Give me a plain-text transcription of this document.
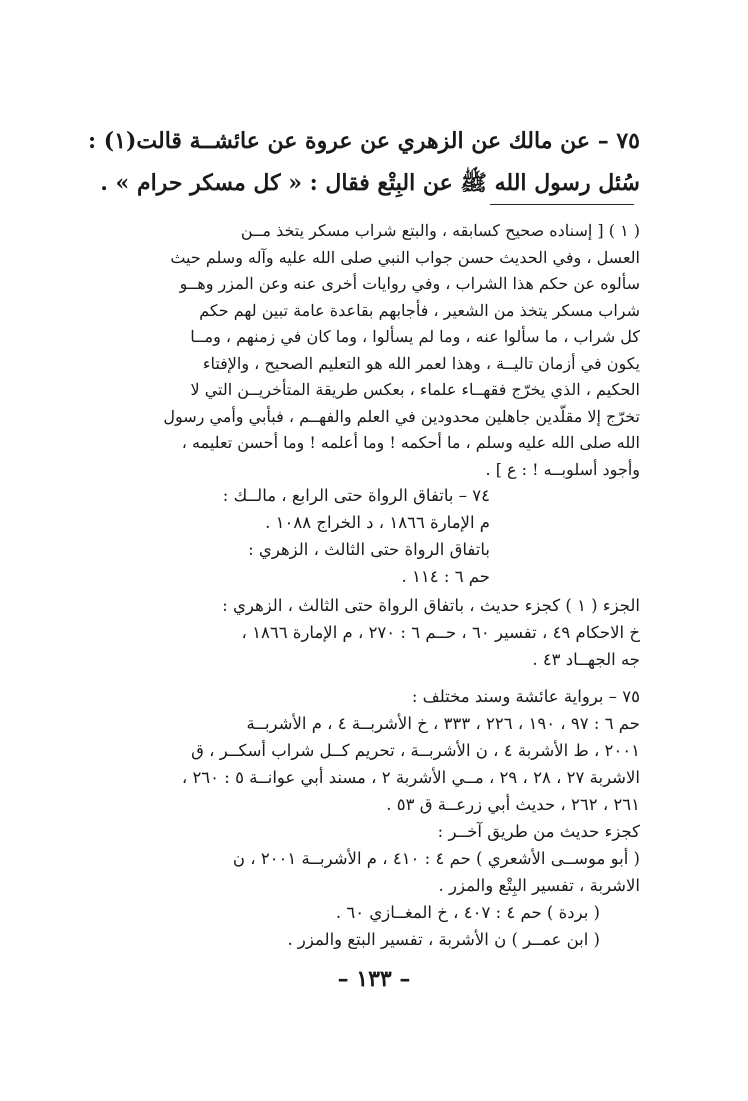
٧٥ – عن مالك عن الزهري عن عروة عن عائشــة قالت(١) :
سُئل رسول الله ﷺ عن البِتْع فقال : « كل مسكر حرام » .
( ١ ) [ إسناده صحيح كسابقه ، والبتع شراب مسكر يتخذ مــن
العسل ، وفي الحديث حسن جواب النبي صلى الله عليه وآله وسلم حيث
سألوه عن حكم هذا الشراب ، وفي روايات أخرى عنه وعن المزر وهــو
شراب مسكر يتخذ من الشعير ، فأجابهم بقاعدة عامة تبين لهم حكم
كل شراب ، ما سألوا عنه ، وما لم يسألوا ، وما كان في زمنهم ، ومــا
يكون في أزمان تاليــة ، وهذا لعمر الله هو التعليم الصحيح ، والإفتاء
الحكيم ، الذي يخرّج فقهــاء علماء ، بعكس طريقة المتأخريــن التي لا
تخرّج إلا مقلّدين جاهلين محدودين في العلم والفهــم ، فبأبي وأمي رسول
الله صلى الله عليه وسلم ، ما أحكمه ! وما أعلمه ! وما أحسن تعليمه ،
وأجود أسلوبــه ! : ع ] .
٧٤ – باتفاق الرواة حتى الرابع ، مالــك :
م الإمارة ١٨٦٦ ، د الخراج ١٠٨٨ .
باتفاق الرواة حتى الثالث ، الزهري :
حم ٦ : ١١٤ .
الجزء ( ١ ) كجزء حديث ، باتفاق الرواة حتى الثالث ، الزهري :
خ الاحكام ٤٩ ، تفسير ٦٠ ، حــم ٦ : ٢٧٠ ، م الإمارة ١٨٦٦ ،
جه الجهــاد ٤٣ .
٧٥ – برواية عائشة وسند مختلف :
حم ٦ : ٩٧ ، ١٩٠ ، ٢٢٦ ، ٣٣٣ ، خ الأشربــة ٤ ، م الأشربــة
٢٠٠١ ، ط الأشربة ٤ ، ن الأشربــة ، تحريم كــل شراب أسكــر ، ق
الاشربة ٢٧ ، ٢٨ ، ٢٩ ، مــي الأشربة ٢ ، مسند أبي عوانــة ٥ : ٢٦٠ ،
٢٦١ ، ٢٦٢ ، حديث أبي زرعــة ق ٥٣ .
كجزء حديث من طريق آخــر :
( أبو موســى الأشعري ) حم ٤ : ٤١٠ ، م الأشربــة ٢٠٠١ ، ن
الاشربة ، تفسير البِتْع والمزر .
( بردة ) حم ٤ : ٤٠٧ ، خ المغــازي ٦٠ .
( ابن عمــر ) ن الأشربة ، تفسير البتع والمزر .
– ١٣٣ –
